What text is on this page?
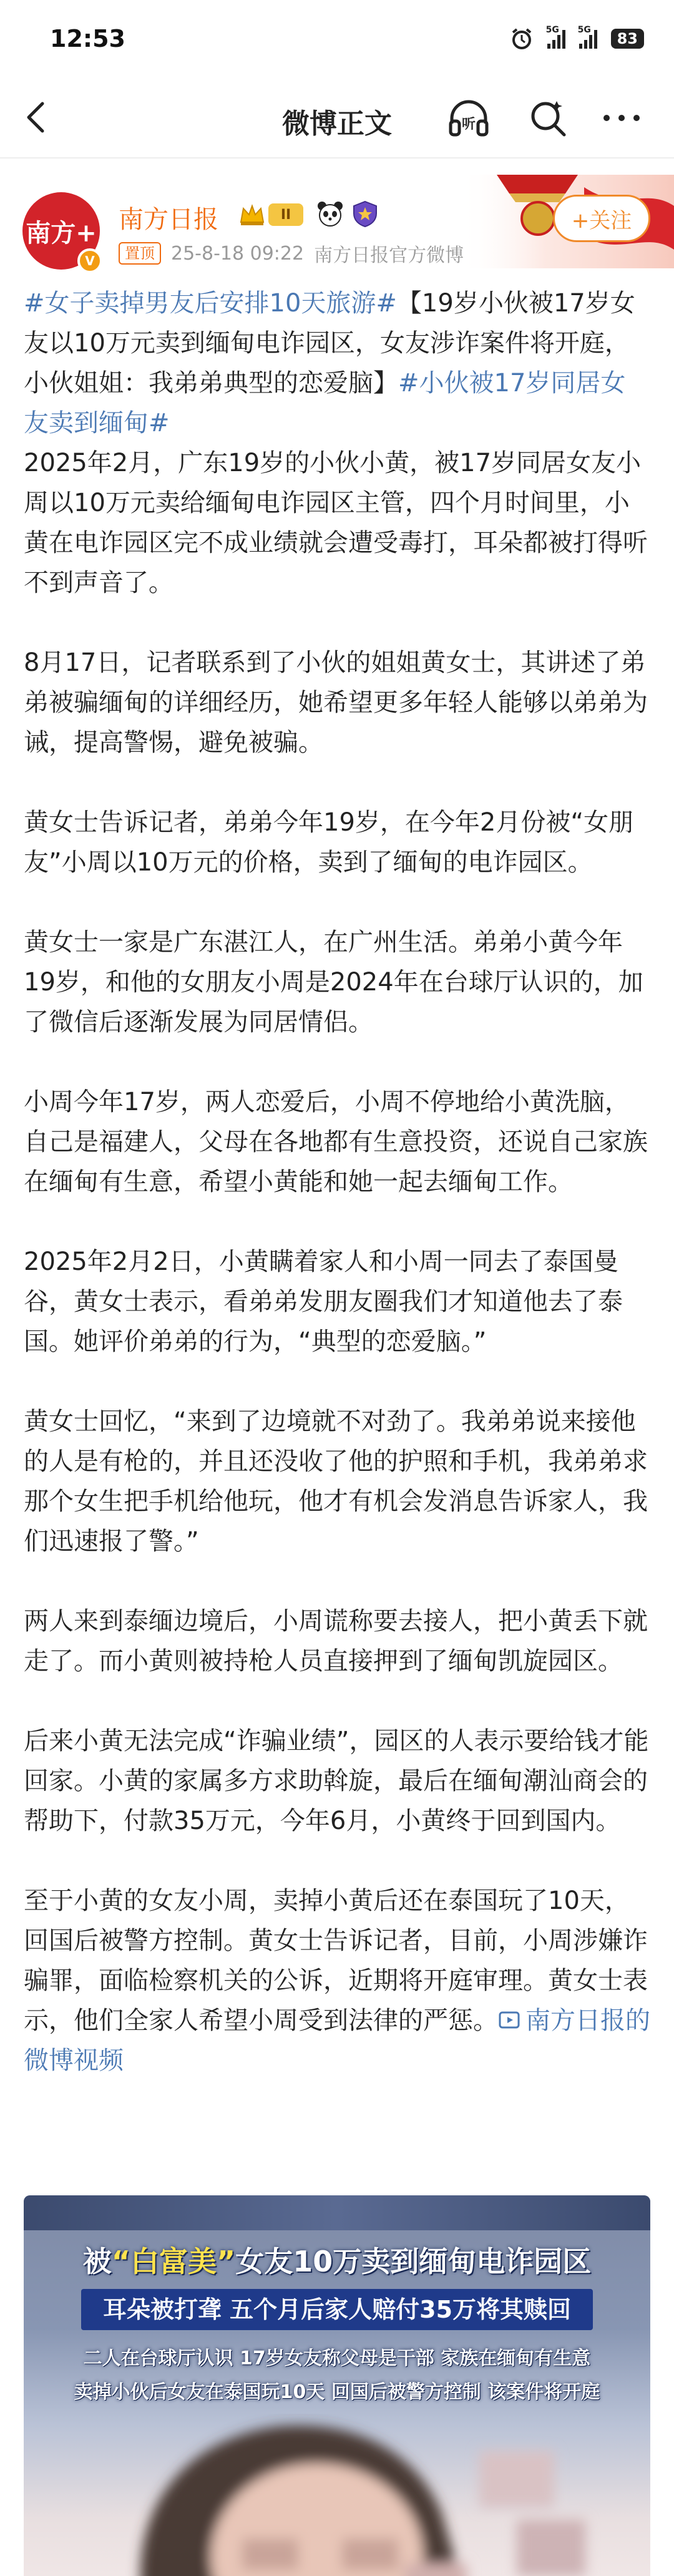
12:53	5G 5G	83
微博正文	听
南方+
V
南方日报	II	+关注
置顶 25-8-18 09:22 南方日报官方微博

#女子卖掉男友后安排10天旅游#【19岁小伙被17岁女友以10万元卖到缅甸电诈园区，女友涉诈案件将开庭，小伙姐姐：我弟弟典型的恋爱脑】#小伙被17岁同居女友卖到缅甸#
2025年2月，广东19岁的小伙小黄，被17岁同居女友小周以10万元卖给缅甸电诈园区主管，四个月时间里，小黄在电诈园区完不成业绩就会遭受毒打，耳朵都被打得听不到声音了。

8月17日，记者联系到了小伙的姐姐黄女士，其讲述了弟弟被骗缅甸的详细经历，她希望更多年轻人能够以弟弟为诫，提高警惕，避免被骗。

黄女士告诉记者，弟弟今年19岁，在今年2月份被“女朋友”小周以10万元的价格，卖到了缅甸的电诈园区。

黄女士一家是广东湛江人，在广州生活。弟弟小黄今年19岁，和他的女朋友小周是2024年在台球厅认识的，加了微信后逐渐发展为同居情侣。

小周今年17岁，两人恋爱后，小周不停地给小黄洗脑，自己是福建人，父母在各地都有生意投资，还说自己家族在缅甸有生意，希望小黄能和她一起去缅甸工作。

2025年2月2日，小黄瞒着家人和小周一同去了泰国曼谷，黄女士表示，看弟弟发朋友圈我们才知道他去了泰国。她评价弟弟的行为，“典型的恋爱脑。”

黄女士回忆，“来到了边境就不对劲了。我弟弟说来接他的人是有枪的，并且还没收了他的护照和手机，我弟弟求那个女生把手机给他玩，他才有机会发消息告诉家人，我们迅速报了警。”

两人来到泰缅边境后，小周谎称要去接人，把小黄丢下就走了。而小黄则被持枪人员直接押到了缅甸凯旋园区。

后来小黄无法完成“诈骗业绩”，园区的人表示要给钱才能回家。小黄的家属多方求助斡旋，最后在缅甸潮汕商会的帮助下，付款35万元，今年6月，小黄终于回到国内。

至于小黄的女友小周，卖掉小黄后还在泰国玩了10天，回国后被警方控制。黄女士告诉记者，目前，小周涉嫌诈骗罪，面临检察机关的公诉，近期将开庭审理。黄女士表示，他们全家人希望小周受到法律的严惩。 南方日报的微博视频

被“白富美”女友10万卖到缅甸电诈园区
耳朵被打聋 五个月后家人赔付35万将其赎回
二人在台球厅认识 17岁女友称父母是干部 家族在缅甸有生意
卖掉小伙后女友在泰国玩10天 回国后被警方控制 该案件将开庭
